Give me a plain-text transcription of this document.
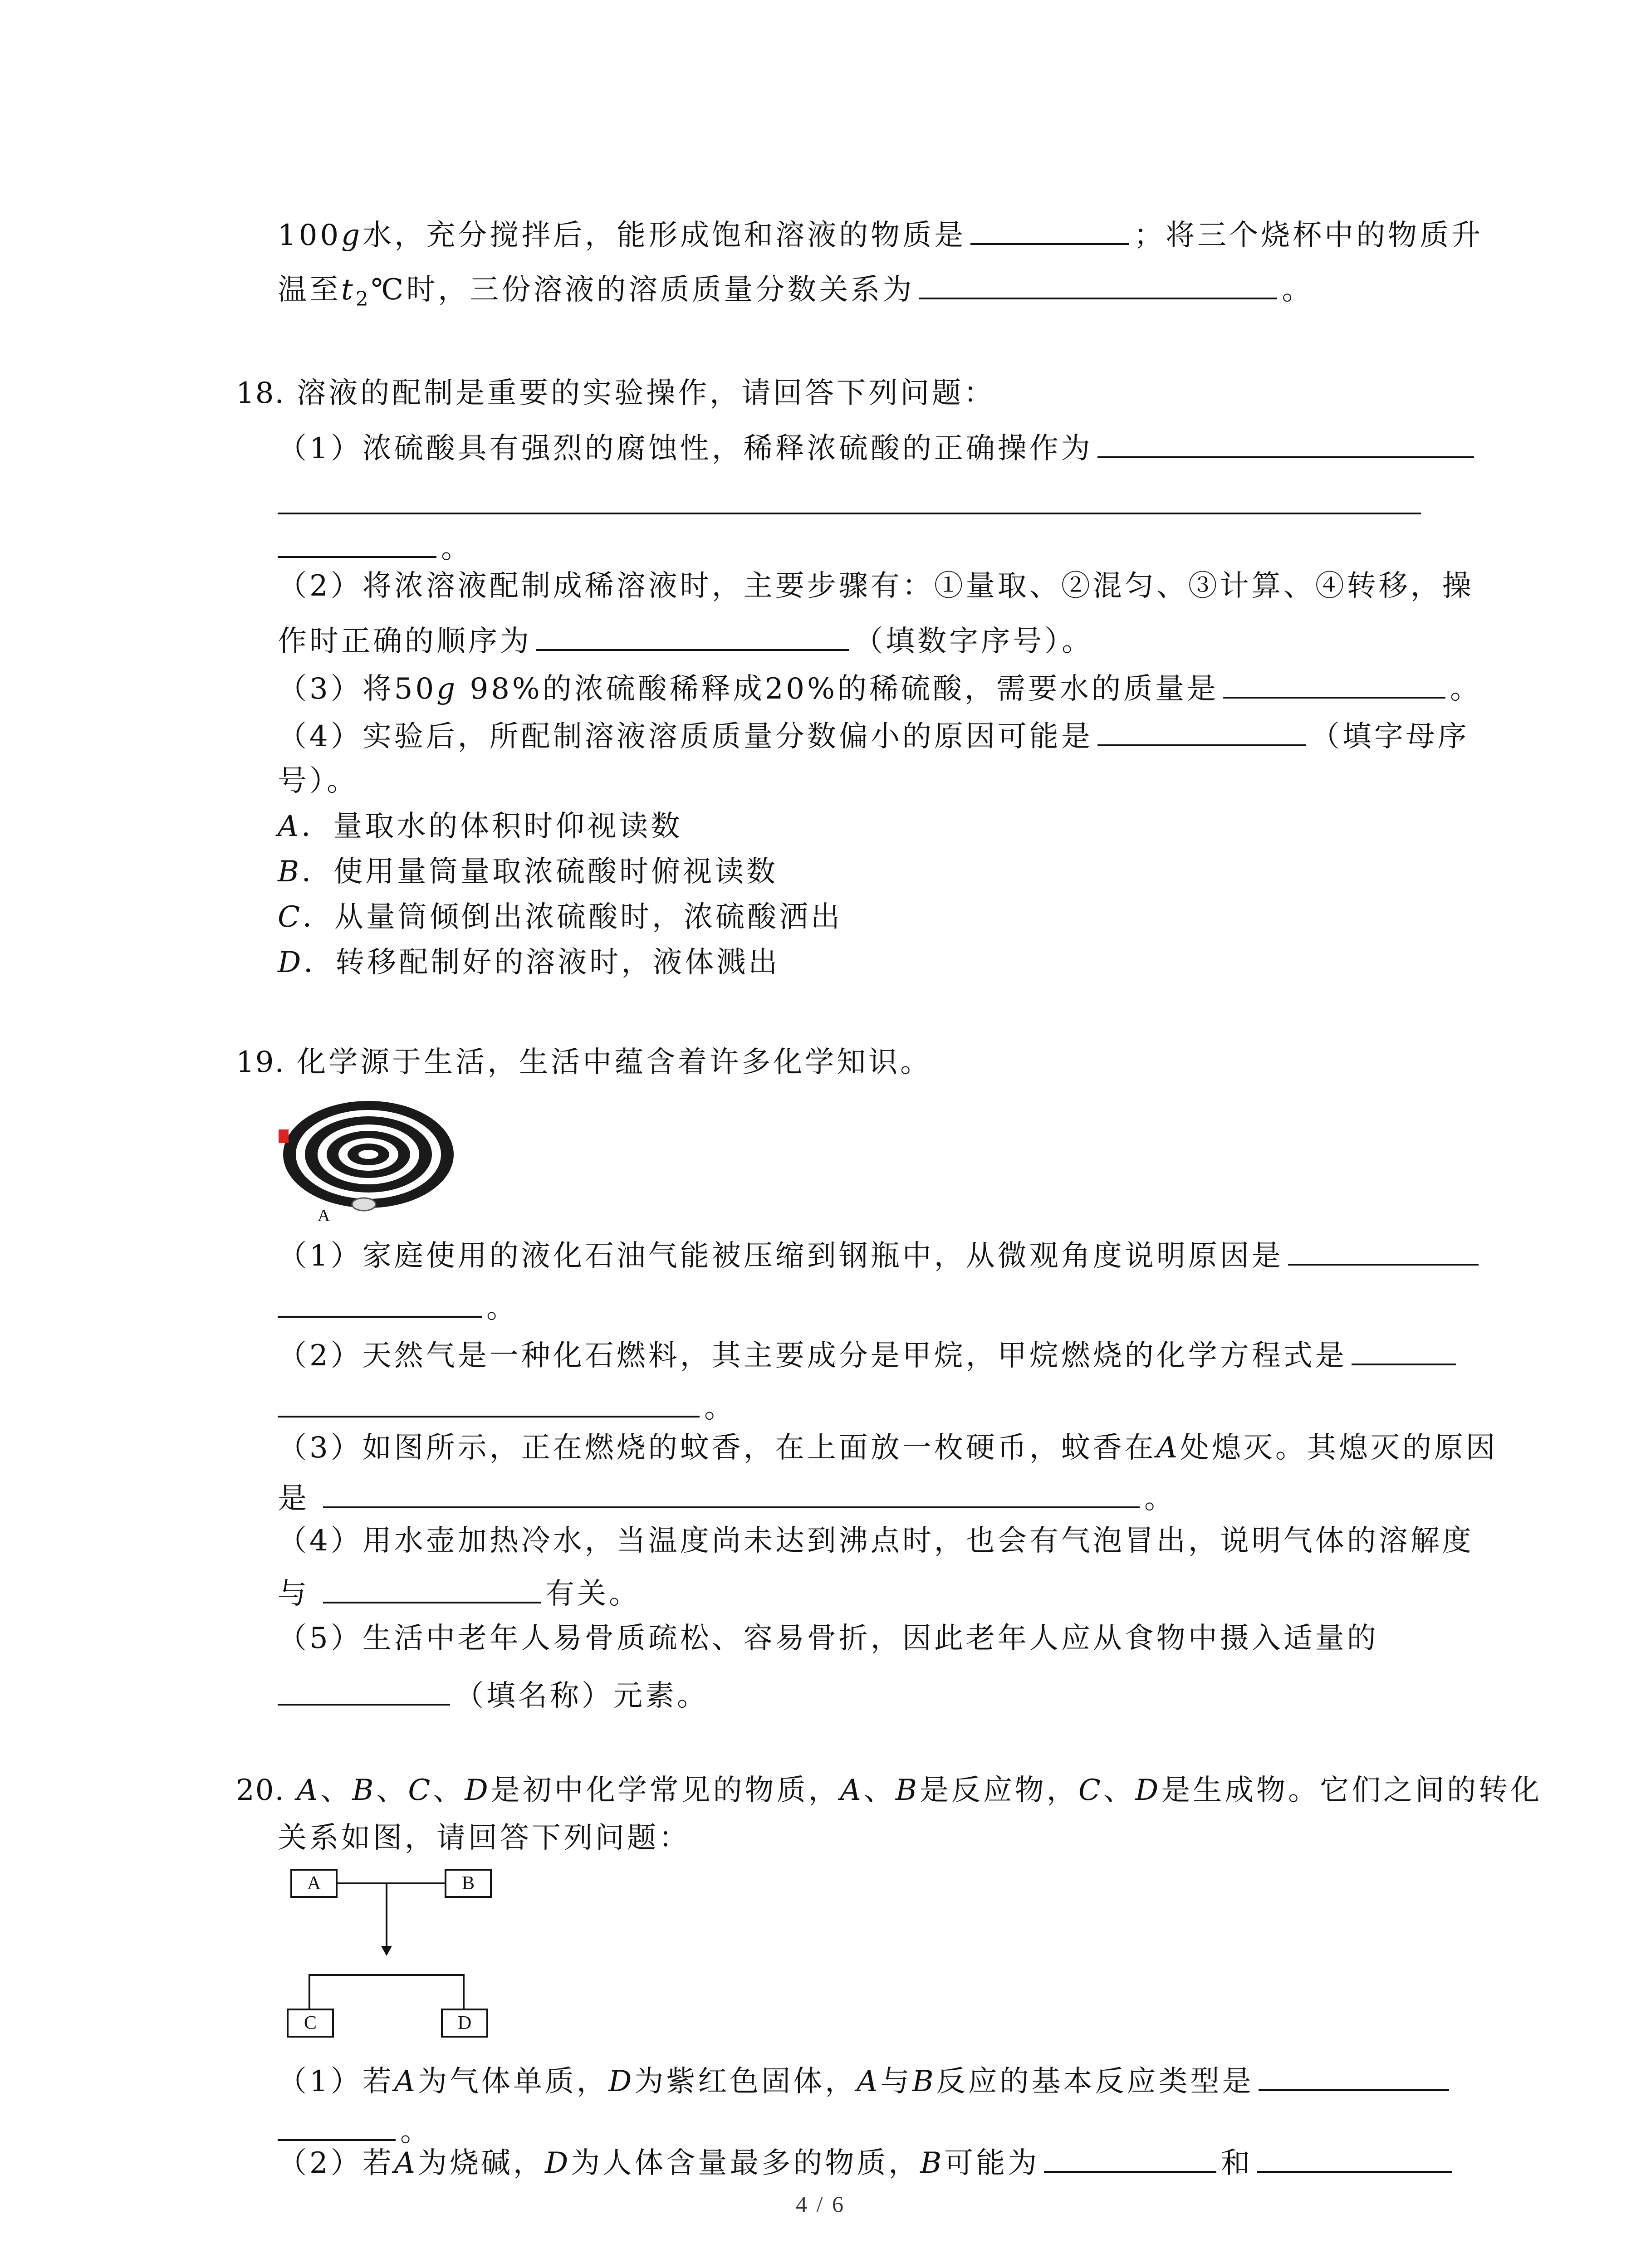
100g水，充分搅拌后，能形成饱和溶液的物质是	；将三个烧杯中的物质升
温至$t_2℃$时，三份溶液的溶质质量分数关系为	。
18. 溶液的配制是重要的实验操作，请回答下列问题：
（1）浓硫酸具有强烈的腐蚀性，稀释浓硫酸的正确操作为
。
（2）将浓溶液配制成稀溶液时，主要步骤有：①量取、②混匀、③计算、④转移，操
作时正确的顺序为	（填数字序号）。
（3）将50g 98%的浓硫酸稀释成20%的稀硫酸，需要水的质量是	。
（4）实验后，所配制溶液溶质质量分数偏小的原因可能是	（填字母序
号）。
A．量取水的体积时仰视读数
B．使用量筒量取浓硫酸时俯视读数
C．从量筒倾倒出浓硫酸时，浓硫酸洒出
D．转移配制好的溶液时，液体溅出
19. 化学源于生活，生活中蕴含着许多化学知识。
A
（1）家庭使用的液化石油气能被压缩到钢瓶中，从微观角度说明原因是
。
（2）天然气是一种化石燃料，其主要成分是甲烷，甲烷燃烧的化学方程式是
。
（3）如图所示，正在燃烧的蚊香，在上面放一枚硬币，蚊香在A处熄灭。其熄灭的原因
是	。
（4）用水壶加热冷水，当温度尚未达到沸点时，也会有气泡冒出，说明气体的溶解度
与	有关。
（5）生活中老年人易骨质疏松、容易骨折，因此老年人应从食物中摄入适量的
（填名称）元素。
20. A、B、C、D是初中化学常见的物质，A、B是反应物，C、D是生成物。它们之间的转化
关系如图，请回答下列问题：
A	B
C	D
（1）若A为气体单质，D为紫红色固体，A与B反应的基本反应类型是
。
（2）若A为烧碱，D为人体含量最多的物质，B可能为	和
4 / 6
